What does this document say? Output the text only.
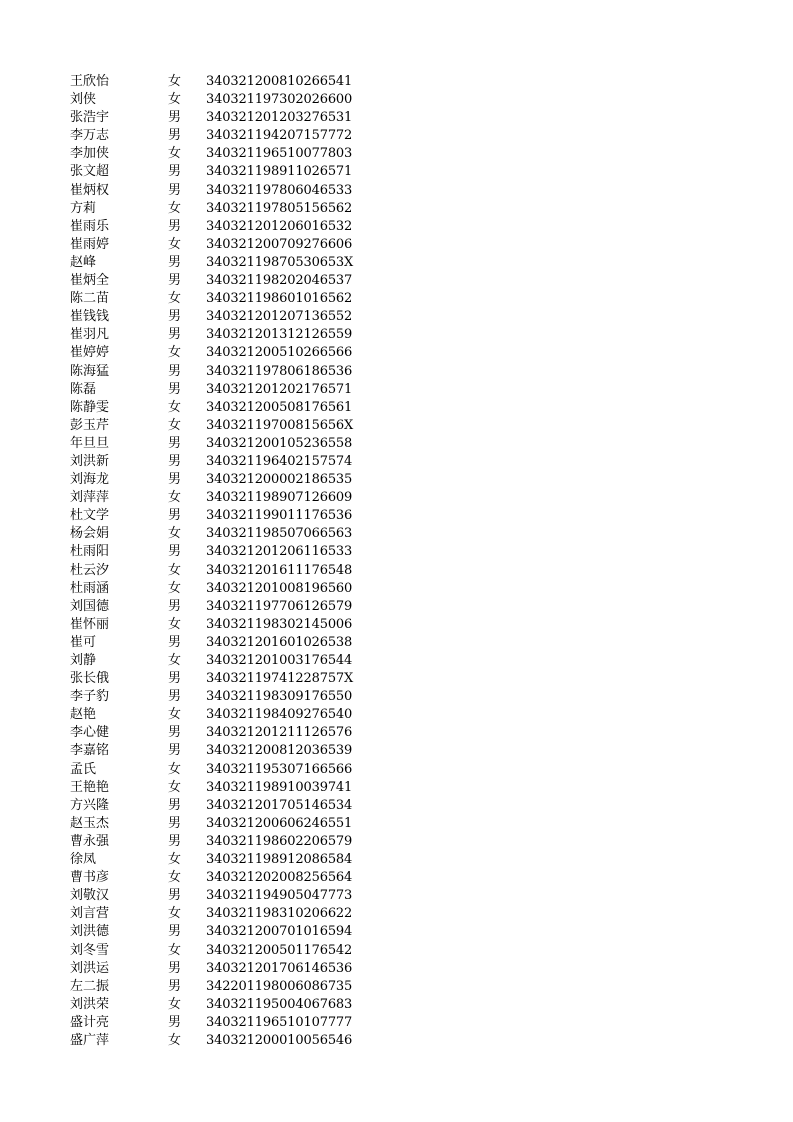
王欣怡	女 340321200810266541
刘侠	女 340321197302026600
张浩宇	男 340321201203276531
李万志	男 340321194207157772
李加侠	女 340321196510077803
张文超	男 340321198911026571
崔炳权	男 340321197806046533
方莉	女 340321197805156562
崔雨乐	男 340321201206016532
崔雨婷	女 340321200709276606
赵峰	男 34032119870530653X
崔炳全	男 340321198202046537
陈二苗	女 340321198601016562
崔钱钱	男 340321201207136552
崔羽凡	男 340321201312126559
崔婷婷	女 340321200510266566
陈海猛	男 340321197806186536
陈磊	男 340321201202176571
陈静雯	女 340321200508176561
彭玉芹	女 34032119700815656X
年旦旦	男 340321200105236558
刘洪新	男 340321196402157574
刘海龙	男 340321200002186535
刘萍萍	女 340321198907126609
杜文学	男 340321199011176536
杨会娟	女 340321198507066563
杜雨阳	男 340321201206116533
杜云汐	女 340321201611176548
杜雨涵	女 340321201008196560
刘国德	男 340321197706126579
崔怀丽	女 340321198302145006
崔可	男 340321201601026538
刘静	女 340321201003176544
张长俄	男 34032119741228757X
李子豹	男 340321198309176550
赵艳	女 340321198409276540
李心健	男 340321201211126576
李嘉铭	男 340321200812036539
孟氏	女 340321195307166566
王艳艳	女 340321198910039741
方兴隆	男 340321201705146534
赵玉杰	男 340321200606246551
曹永强	男 340321198602206579
徐凤	女 340321198912086584
曹书彦	女 340321202008256564
刘敬汉	男 340321194905047773
刘言营	女 340321198310206622
刘洪德	男 340321200701016594
刘冬雪	女 340321200501176542
刘洪运	男 340321201706146536
左二振	男 342201198006086735
刘洪荣	女 340321195004067683
盛计亮	男 340321196510107777
盛广萍	女 340321200010056546
